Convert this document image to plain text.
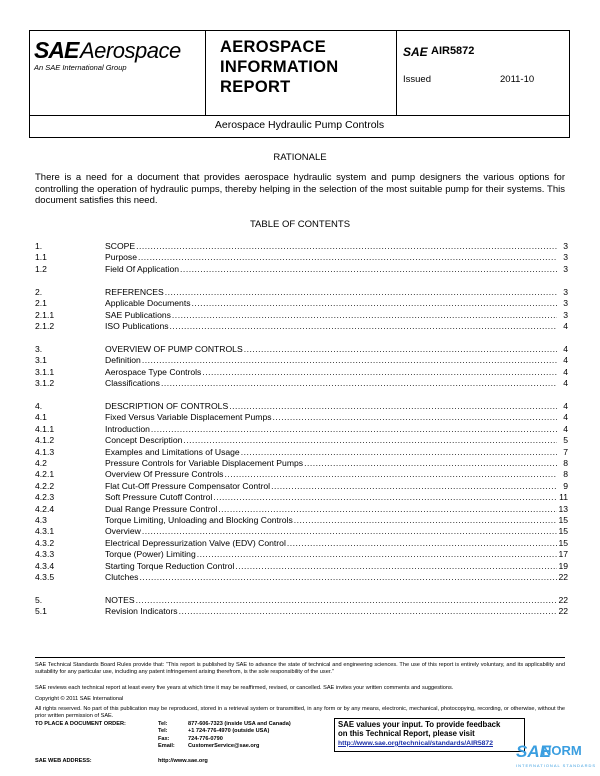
SAE Aerospace
An SAE International Group
AEROSPACE
INFORMATION
REPORT
SAE AIR5872
Issued	2011-10
Aerospace Hydraulic Pump Controls
RATIONALE

There is a need for a document that provides aerospace hydraulic system and pump designers the various options for controlling the operation of hydraulic pumps, thereby helping in the selection of the most suitable pump for their systems. This document satisfies this need.

TABLE OF CONTENTS
1.	SCOPE .....	3
1.1	Purpose .....	3
1.2	Field Of Application .....	3
2.	REFERENCES .....	3
2.1	Applicable Documents .....	3
2.1.1	SAE Publications .....	3
2.1.2	ISO Publications .....	4
3.	OVERVIEW OF PUMP CONTROLS .....	4
3.1	Definition .....	4
3.1.1	Aerospace Type Controls .....	4
3.1.2	Classifications .....	4
4.	DESCRIPTION OF CONTROLS .....	4
4.1	Fixed Versus Variable Displacement Pumps .....	4
4.1.1	Introduction .....	4
4.1.2	Concept Description .....	5
4.1.3	Examples and Limitations of Usage .....	7
4.2	Pressure Controls for Variable Displacement Pumps .....	8
4.2.1	Overview Of Pressure Controls .....	8
4.2.2	Flat Cut-Off Pressure Compensator Control .....	9
4.2.3	Soft Pressure Cutoff Control .....	11
4.2.4	Dual Range Pressure Control .....	13
4.3	Torque Limiting, Unloading and Blocking Controls .....	15
4.3.1	Overview .....	15
4.3.2	Electrical Depressurization Valve (EDV) Control .....	15
4.3.3	Torque (Power) Limiting .....	17
4.3.4	Starting Torque Reduction Control .....	19
4.3.5	Clutches .....	22
5.	NOTES .....	22
5.1	Revision Indicators .....	22

SAE Technical Standards Board Rules provide that: “This report is published by SAE to advance the state of technical and engineering sciences. The use of this report is entirely voluntary, and its applicability and suitability for any particular use, including any patent infringement arising therefrom, is the sole responsibility of the user.”

SAE reviews each technical report at least every five years at which time it may be reaffirmed, revised, or cancelled. SAE invites your written comments and suggestions.

Copyright © 2011 SAE International

All rights reserved. No part of this publication may be reproduced, stored in a retrieval system or transmitted, in any form or by any means, electronic, mechanical, photocopying, recording, or otherwise, without the prior written permission of SAE.

TO PLACE A DOCUMENT ORDER:	Tel:	877-606-7323 (inside USA and Canada)
Tel:	+1 724-776-4970 (outside USA)
Fax:	724-776-0790
Email: CustomerService@sae.org
SAE WEB ADDRESS:	http://www.sae.org
SAE values your input. To provide feedback
on this Technical Report, please visit
http://www.sae.org/technical/standards/AIR5872	SAE
NORM
INTERNATIONAL STANDARDS
